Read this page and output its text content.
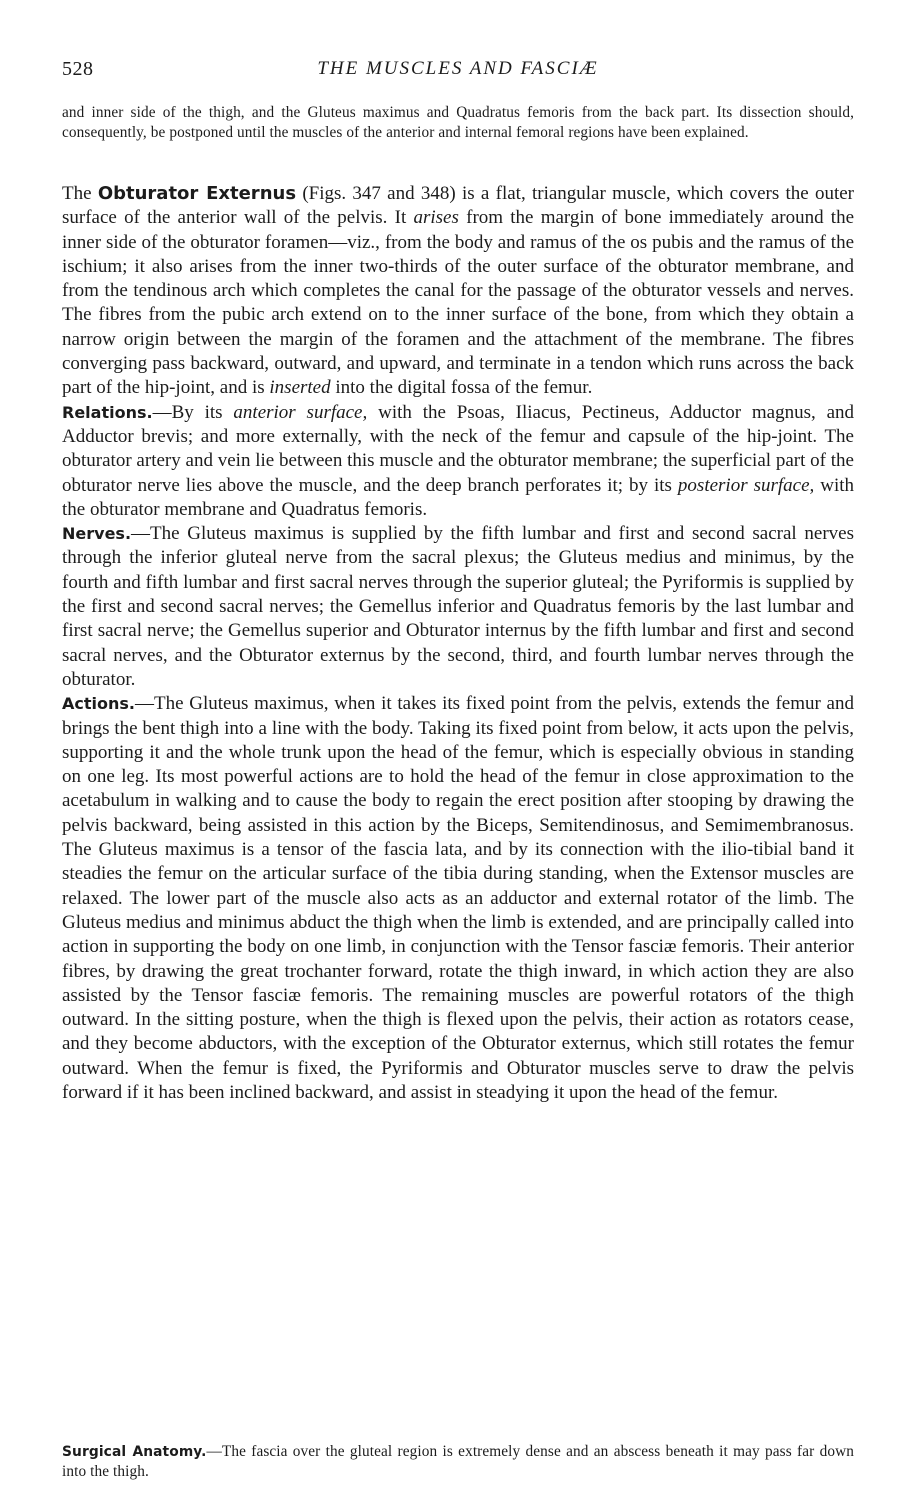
528	THE MUSCLES AND FASCIÆ
and inner side of the thigh, and the Gluteus maximus and Quadratus femoris from the back part. Its dissection should, consequently, be postponed until the muscles of the anterior and internal femoral regions have been explained.

The Obturator Externus (Figs. 347 and 348) is a flat, triangular muscle, which covers the outer surface of the anterior wall of the pelvis. It arises from the margin of bone immediately around the inner side of the obturator foramen—viz., from the body and ramus of the os pubis and the ramus of the ischium; it also arises from the inner two-thirds of the outer surface of the obturator membrane, and from the tendinous arch which completes the canal for the passage of the obturator vessels and nerves. The fibres from the pubic arch extend on to the inner surface of the bone, from which they obtain a narrow origin between the margin of the foramen and the attachment of the membrane. The fibres converging pass backward, outward, and upward, and terminate in a tendon which runs across the back part of the hip-joint, and is inserted into the digital fossa of the femur.

Relations.—By its anterior surface, with the Psoas, Iliacus, Pectineus, Adductor magnus, and Adductor brevis; and more externally, with the neck of the femur and capsule of the hip-joint. The obturator artery and vein lie between this muscle and the obturator membrane; the superficial part of the obturator nerve lies above the muscle, and the deep branch perforates it; by its posterior surface, with the obturator membrane and Quadratus femoris.

Nerves.—The Gluteus maximus is supplied by the fifth lumbar and first and second sacral nerves through the inferior gluteal nerve from the sacral plexus; the Gluteus medius and minimus, by the fourth and fifth lumbar and first sacral nerves through the superior gluteal; the Pyriformis is supplied by the first and second sacral nerves; the Gemellus inferior and Quadratus femoris by the last lumbar and first sacral nerve; the Gemellus superior and Obturator internus by the fifth lumbar and first and second sacral nerves, and the Obturator externus by the second, third, and fourth lumbar nerves through the obturator.

Actions.—The Gluteus maximus, when it takes its fixed point from the pelvis, extends the femur and brings the bent thigh into a line with the body. Taking its fixed point from below, it acts upon the pelvis, supporting it and the whole trunk upon the head of the femur, which is especially obvious in standing on one leg. Its most powerful actions are to hold the head of the femur in close approximation to the acetabulum in walking and to cause the body to regain the erect position after stooping by drawing the pelvis backward, being assisted in this action by the Biceps, Semitendinosus, and Semimembranosus. The Gluteus maximus is a tensor of the fascia lata, and by its connection with the ilio-tibial band it steadies the femur on the articular surface of the tibia during standing, when the Extensor muscles are relaxed. The lower part of the muscle also acts as an adductor and external rotator of the limb. The Gluteus medius and minimus abduct the thigh when the limb is extended, and are principally called into action in supporting the body on one limb, in conjunction with the Tensor fasciæ femoris. Their anterior fibres, by drawing the great trochanter forward, rotate the thigh inward, in which action they are also assisted by the Tensor fasciæ femoris. The remaining muscles are powerful rotators of the thigh outward. In the sitting posture, when the thigh is flexed upon the pelvis, their action as rotators cease, and they become abductors, with the exception of the Obturator externus, which still rotates the femur outward. When the femur is fixed, the Pyriformis and Obturator muscles serve to draw the pelvis forward if it has been inclined backward, and assist in steadying it upon the head of the femur.

Surgical Anatomy.—The fascia over the gluteal region is extremely dense and an abscess beneath it may pass far down into the thigh.
